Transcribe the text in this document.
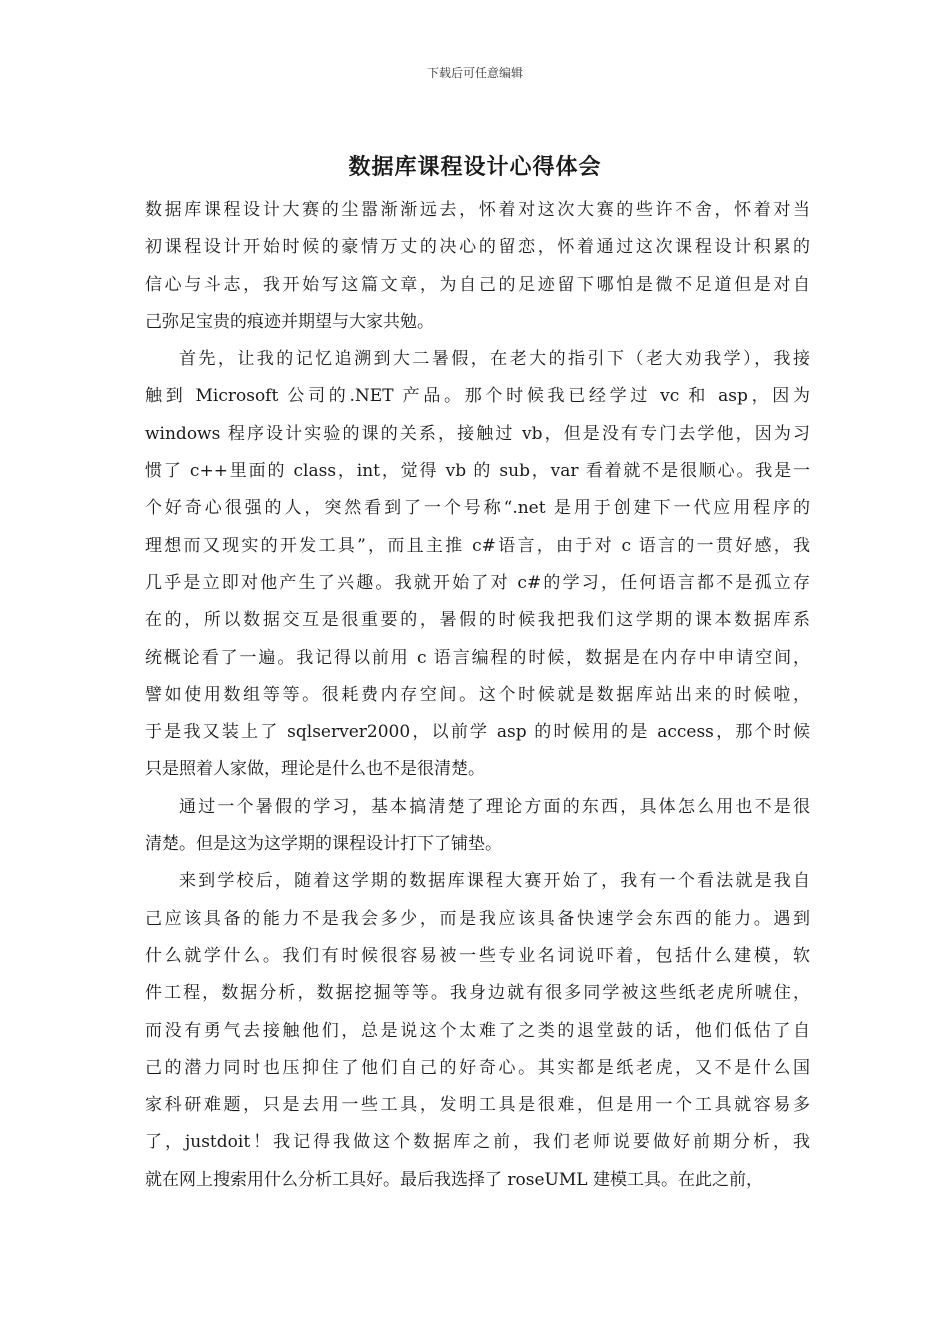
下载后可任意编辑
数据库课程设计心得体会
数据库课程设计大赛的尘嚣渐渐远去，怀着对这次大赛的些许不舍，怀着对当
初课程设计开始时候的豪情万丈的决心的留恋，怀着通过这次课程设计积累的
信心与斗志，我开始写这篇文章，为自己的足迹留下哪怕是微不足道但是对自
己弥足宝贵的痕迹并期望与大家共勉。
首先，让我的记忆追溯到大二暑假，在老大的指引下（老大劝我学），我接
触到 Microsoft 公司的.NET 产品。那个时候我已经学过 vc 和 asp，因为
windows 程序设计实验的课的关系，接触过 vb，但是没有专门去学他，因为习
惯了 c++里面的 class，int，觉得 vb 的 sub，var 看着就不是很顺心。我是一
个好奇心很强的人，突然看到了一个号称“.net 是用于创建下一代应用程序的
理想而又现实的开发工具”，而且主推 c#语言，由于对 c 语言的一贯好感，我
几乎是立即对他产生了兴趣。我就开始了对 c#的学习，任何语言都不是孤立存
在的，所以数据交互是很重要的，暑假的时候我把我们这学期的课本数据库系
统概论看了一遍。我记得以前用 c 语言编程的时候，数据是在内存中申请空间，
譬如使用数组等等。很耗费内存空间。这个时候就是数据库站出来的时候啦，
于是我又装上了 sqlserver2000，以前学 asp 的时候用的是 access，那个时候
只是照着人家做，理论是什么也不是很清楚。
通过一个暑假的学习，基本搞清楚了理论方面的东西，具体怎么用也不是很
清楚。但是这为这学期的课程设计打下了铺垫。
来到学校后，随着这学期的数据库课程大赛开始了，我有一个看法就是我自
己应该具备的能力不是我会多少，而是我应该具备快速学会东西的能力。遇到
什么就学什么。我们有时候很容易被一些专业名词说吓着，包括什么建模，软
件工程，数据分析，数据挖掘等等。我身边就有很多同学被这些纸老虎所唬住，
而没有勇气去接触他们，总是说这个太难了之类的退堂鼓的话，他们低估了自
己的潜力同时也压抑住了他们自己的好奇心。其实都是纸老虎，又不是什么国
家科研难题，只是去用一些工具，发明工具是很难，但是用一个工具就容易多
了，justdoit！我记得我做这个数据库之前，我们老师说要做好前期分析，我
就在网上搜索用什么分析工具好。最后我选择了 roseUML 建模工具。在此之前，
